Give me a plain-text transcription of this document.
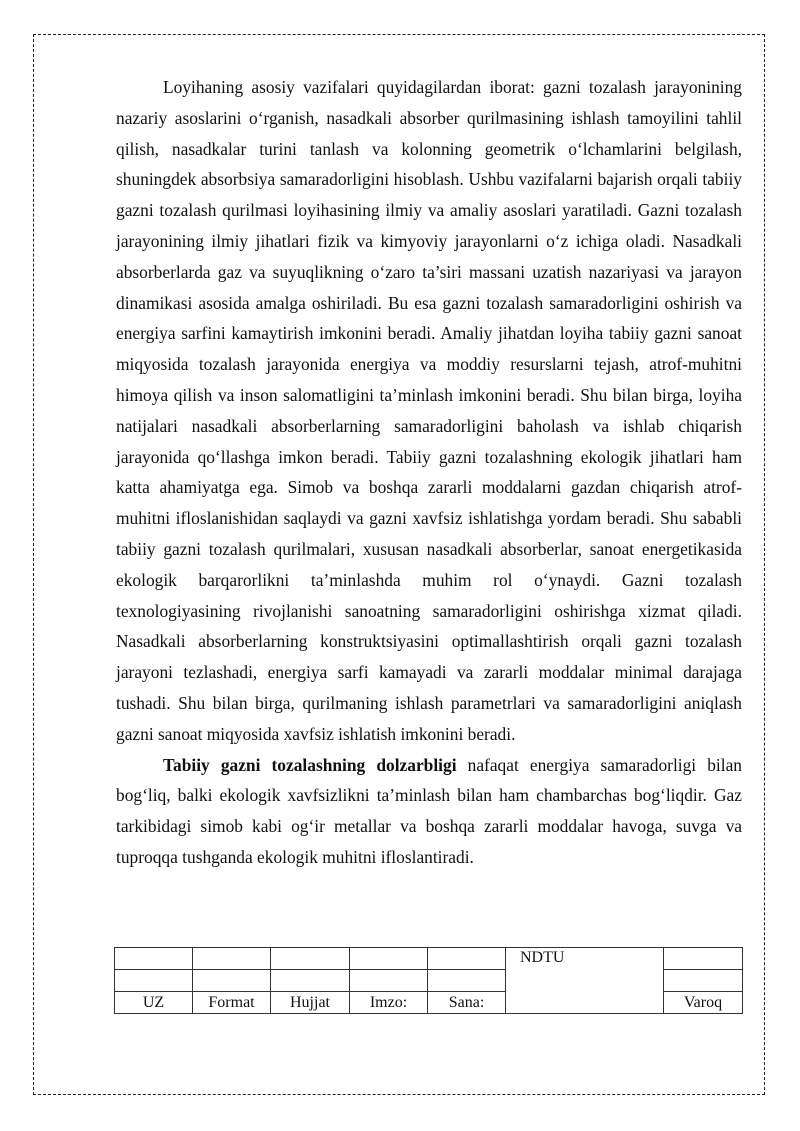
Loyihaning asosiy vazifalari quyidagilardan iborat: gazni tozalash jarayonining nazariy asoslarini o‘rganish, nasadkali absorber qurilmasining ishlash tamoyilini tahlil qilish, nasadkalar turini tanlash va kolonning geometrik o‘lchamlarini belgilash, shuningdek absorbsiya samaradorligini hisoblash. Ushbu vazifalarni bajarish orqali tabiiy gazni tozalash qurilmasi loyihasining ilmiy va amaliy asoslari yaratiladi. Gazni tozalash jarayonining ilmiy jihatlari fizik va kimyoviy jarayonlarni o‘z ichiga oladi. Nasadkali absorberlarda gaz va suyuqlikning o‘zaro ta’siri massani uzatish nazariyasi va jarayon dinamikasi asosida amalga oshiriladi. Bu esa gazni tozalash samaradorligini oshirish va energiya sarfini kamaytirish imkonini beradi. Amaliy jihatdan loyiha tabiiy gazni sanoat miqyosida tozalash jarayonida energiya va moddiy resurslarni tejash, atrof-muhitni himoya qilish va inson salomatligini ta’minlash imkonini beradi. Shu bilan birga, loyiha natijalari nasadkali absorberlarning samaradorligini baholash va ishlab chiqarish jarayonida qo‘llashga imkon beradi. Tabiiy gaznі tozalashning ekologik jihatlari ham katta ahamiyatga ega. Simob va boshqa zararli moddalarni gazdan chiqarish atrof-muhitni ifloslanishidan saqlaydi va gazni xavfsiz ishlatishga yordam beradi. Shu sababli tabiiy gazni tozalash qurilmalari, xususan nasadkali absorberlar, sanoat energetikasida ekologik barqarorlikni ta’minlashda muhim rol o‘ynaydi. Gazni tozalash texnologiyasining rivojlanishi sanoatning samaradorligini oshirishga xizmat qiladi. Nasadkali absorberlarning konstruktsiyasini optimallashtirish orqali gazni tozalash jarayoni tezlashadi, energiya sarfi kamayadi va zararli moddalar minimal darajaga tushadi. Shu bilan birga, qurilmaning ishlash parametrlari va samaradorligini aniqlash gazni sanoat miqyosida xavfsiz ishlatish imkonini beradi.

Tabiiy gazni tozalashning dolzarbligi nafaqat energiya samaradorligi bilan bog‘liq, balki ekologik xavfsizlikni ta’minlash bilan ham chambarchas bog‘liqdir. Gaz tarkibidagi simob kabi og‘ir metallar va boshqa zararli moddalar havoga, suvga va tuproqqa tushganda ekologik muhitni ifloslantiradi.

					NDTU	

UZ	Format	Hujjat	Imzo:	Sana:		Varoq
